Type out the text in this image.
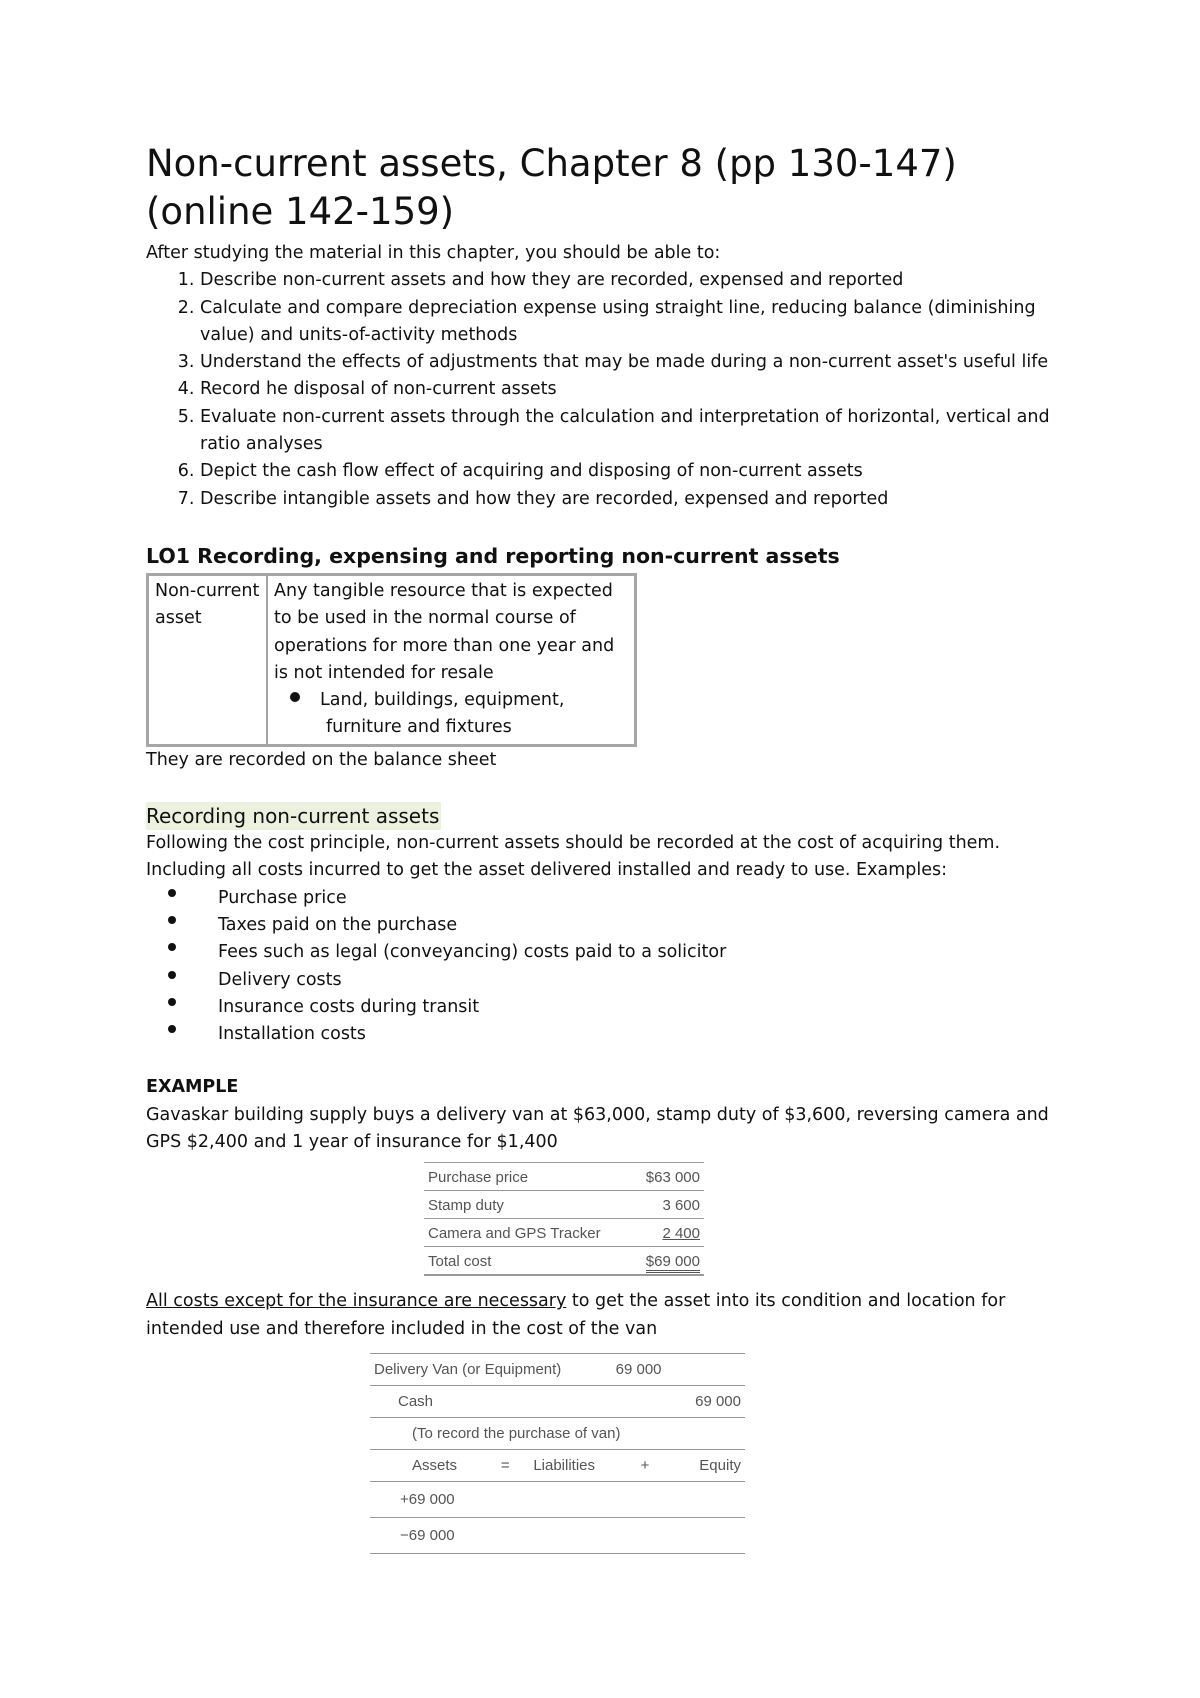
Non-current assets, Chapter 8 (pp 130-147) (online 142-159)
After studying the material in this chapter, you should be able to:
1. Describe non-current assets and how they are recorded, expensed and reported
2. Calculate and compare depreciation expense using straight line, reducing balance (diminishing value) and units-of-activity methods
3. Understand the effects of adjustments that may be made during a non-current asset's useful life
4. Record he disposal of non-current assets
5. Evaluate non-current assets through the calculation and interpretation of horizontal, vertical and ratio analyses
6. Depict the cash flow effect of acquiring and disposing of non-current assets
7. Describe intangible assets and how they are recorded, expensed and reported
LO1 Recording, expensing and reporting non-current assets
Non-current asset	
Any tangible resource that is expected to be used in the normal course of operations for more than one year and is not intended for resale
Land, buildings, equipment,
furniture and fixtures
They are recorded on the balance sheet
Recording non-current assets
Following the cost principle, non-current assets should be recorded at the cost of acquiring them.
Including all costs incurred to get the asset delivered installed and ready to use. Examples:
Purchase price
Taxes paid on the purchase
Fees such as legal (conveyancing) costs paid to a solicitor
Delivery costs
Insurance costs during transit
Installation costs
EXAMPLE
Gavaskar building supply buys a delivery van at $63,000, stamp duty of $3,600, reversing camera and GPS $2,400 and 1 year of insurance for $1,400
Purchase price	$63 000
Stamp duty	3 600
Camera and GPS Tracker	2 400
Total cost	$69 000
All costs except for the insurance are necessary to get the asset into its condition and location for intended use and therefore included in the cost of the van
Delivery Van (or Equipment)			69 000	
Cash				69 000
(To record the purchase of van)				
Assets	=	Liabilities	+	Equity
+69 000				
−69 000				
